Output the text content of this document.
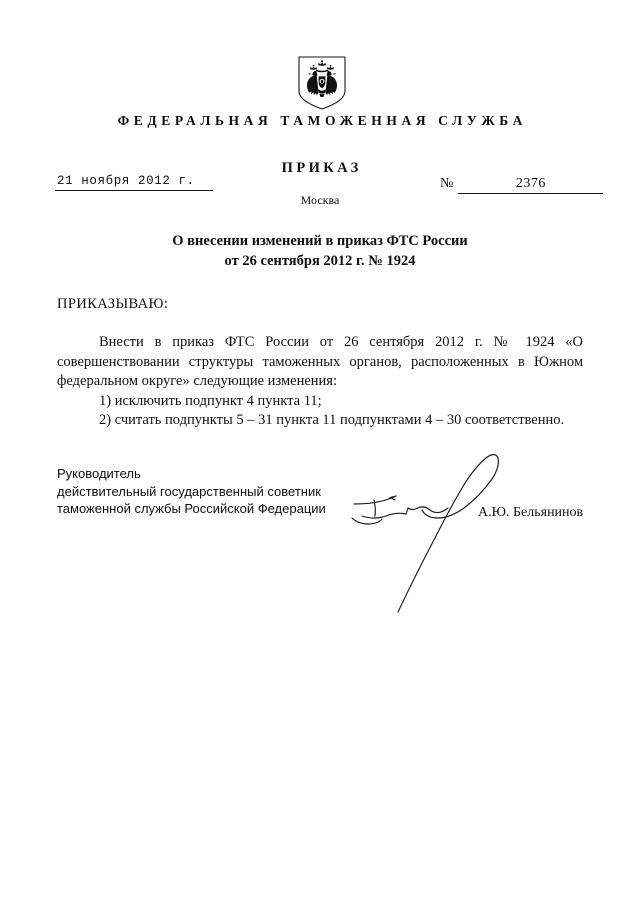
ФЕДЕРАЛЬНАЯ ТАМОЖЕННАЯ СЛУЖБА
ПРИКАЗ
21 ноября 2012 г.
Москва
№	2376
О внесении изменений в приказ ФТС России
от 26 сентября 2012 г. № 1924
ПРИКАЗЫВАЮ:

Внести в приказ ФТС России от 26 сентября 2012 г. № 1924 «О совершенствовании структуры таможенных органов, расположенных в Южном федеральном округе» следующие изменения:

1) исключить подпункт 4 пункта 11;

2) считать подпункты 5 – 31 пункта 11 подпунктами 4 – 30 соответственно.

Руководитель
действительный государственный советник
таможенной службы Российской Федерации	А.Ю. Бельянинов
